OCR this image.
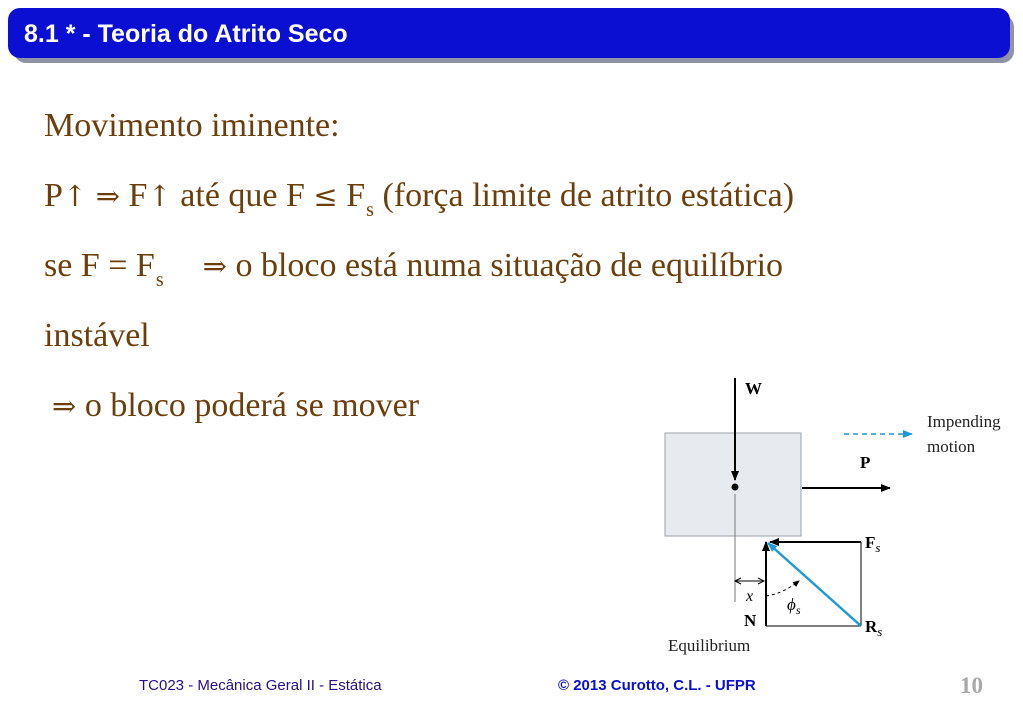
8.1 * - Teoria do Atrito Seco
Movimento iminente:
P↑ ⇒ F↑ até que $F \le F_s$ (força limite de atrito estática)
se $F = F_s$ ⇒ o bloco está numa situação de equilíbrio
instável
⇒ o bloco poderá se mover	W
Impending
motion
P
$F_s$
N	$R_s$
$\phi_s$
x
Equilibrium
TC023 - Mecânica Geral II - Estática	© 2013 Curotto, C.L. - UFPR	10
